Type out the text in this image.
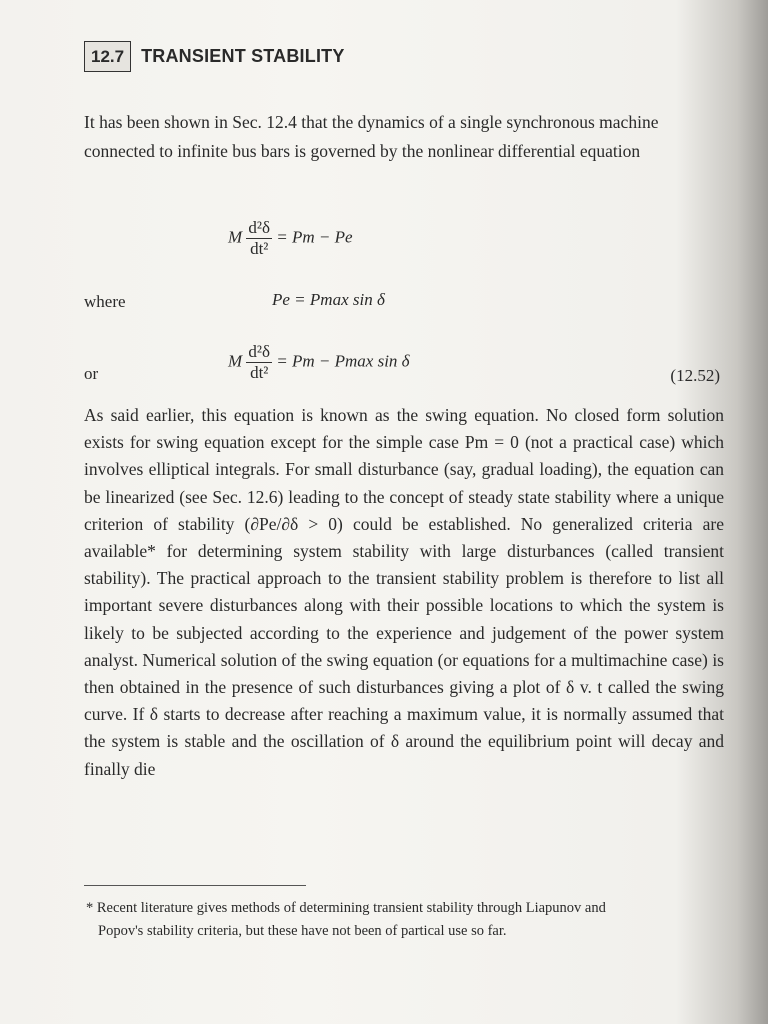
12.7 TRANSIENT STABILITY

It has been shown in Sec. 12.4 that the dynamics of a single synchronous machine connected to infinite bus bars is governed by the nonlinear differential equation

M $\frac{\text{d²δ}}{\text{dt²}} = Pm - Pe$
where	Pe = Pmax sin δ
or
M $\frac{\text{d²δ}}{\text{dt²}} = Pm - Pmax$ sin δ
(12.52)

As said earlier, this equation is known as the swing equation. No closed form solution exists for swing equation except for the simple case Pm = 0 (not a practical case) which involves elliptical integrals. For small disturbance (say, gradual loading), the equation can be linearized (see Sec. 12.6) leading to the concept of steady state stability where a unique criterion of stability (∂Pe/∂δ > 0) could be established. No generalized criteria are available* for determining system stability with large disturbances (called transient stability). The practical approach to the transient stability problem is therefore to list all important severe disturbances along with their possible locations to which the system is likely to be subjected according to the experience and judgement of the power system analyst. Numerical solution of the swing equation (or equations for a multimachine case) is then obtained in the presence of such disturbances giving a plot of δ v. t called the swing curve. If δ starts to decrease after reaching a maximum value, it is normally assumed that the system is stable and the oscillation of δ around the equilibrium point will decay and finally die

* Recent literature gives methods of determining transient stability through Liapunov and
Popov's stability criteria, but these have not been of partical use so far.
